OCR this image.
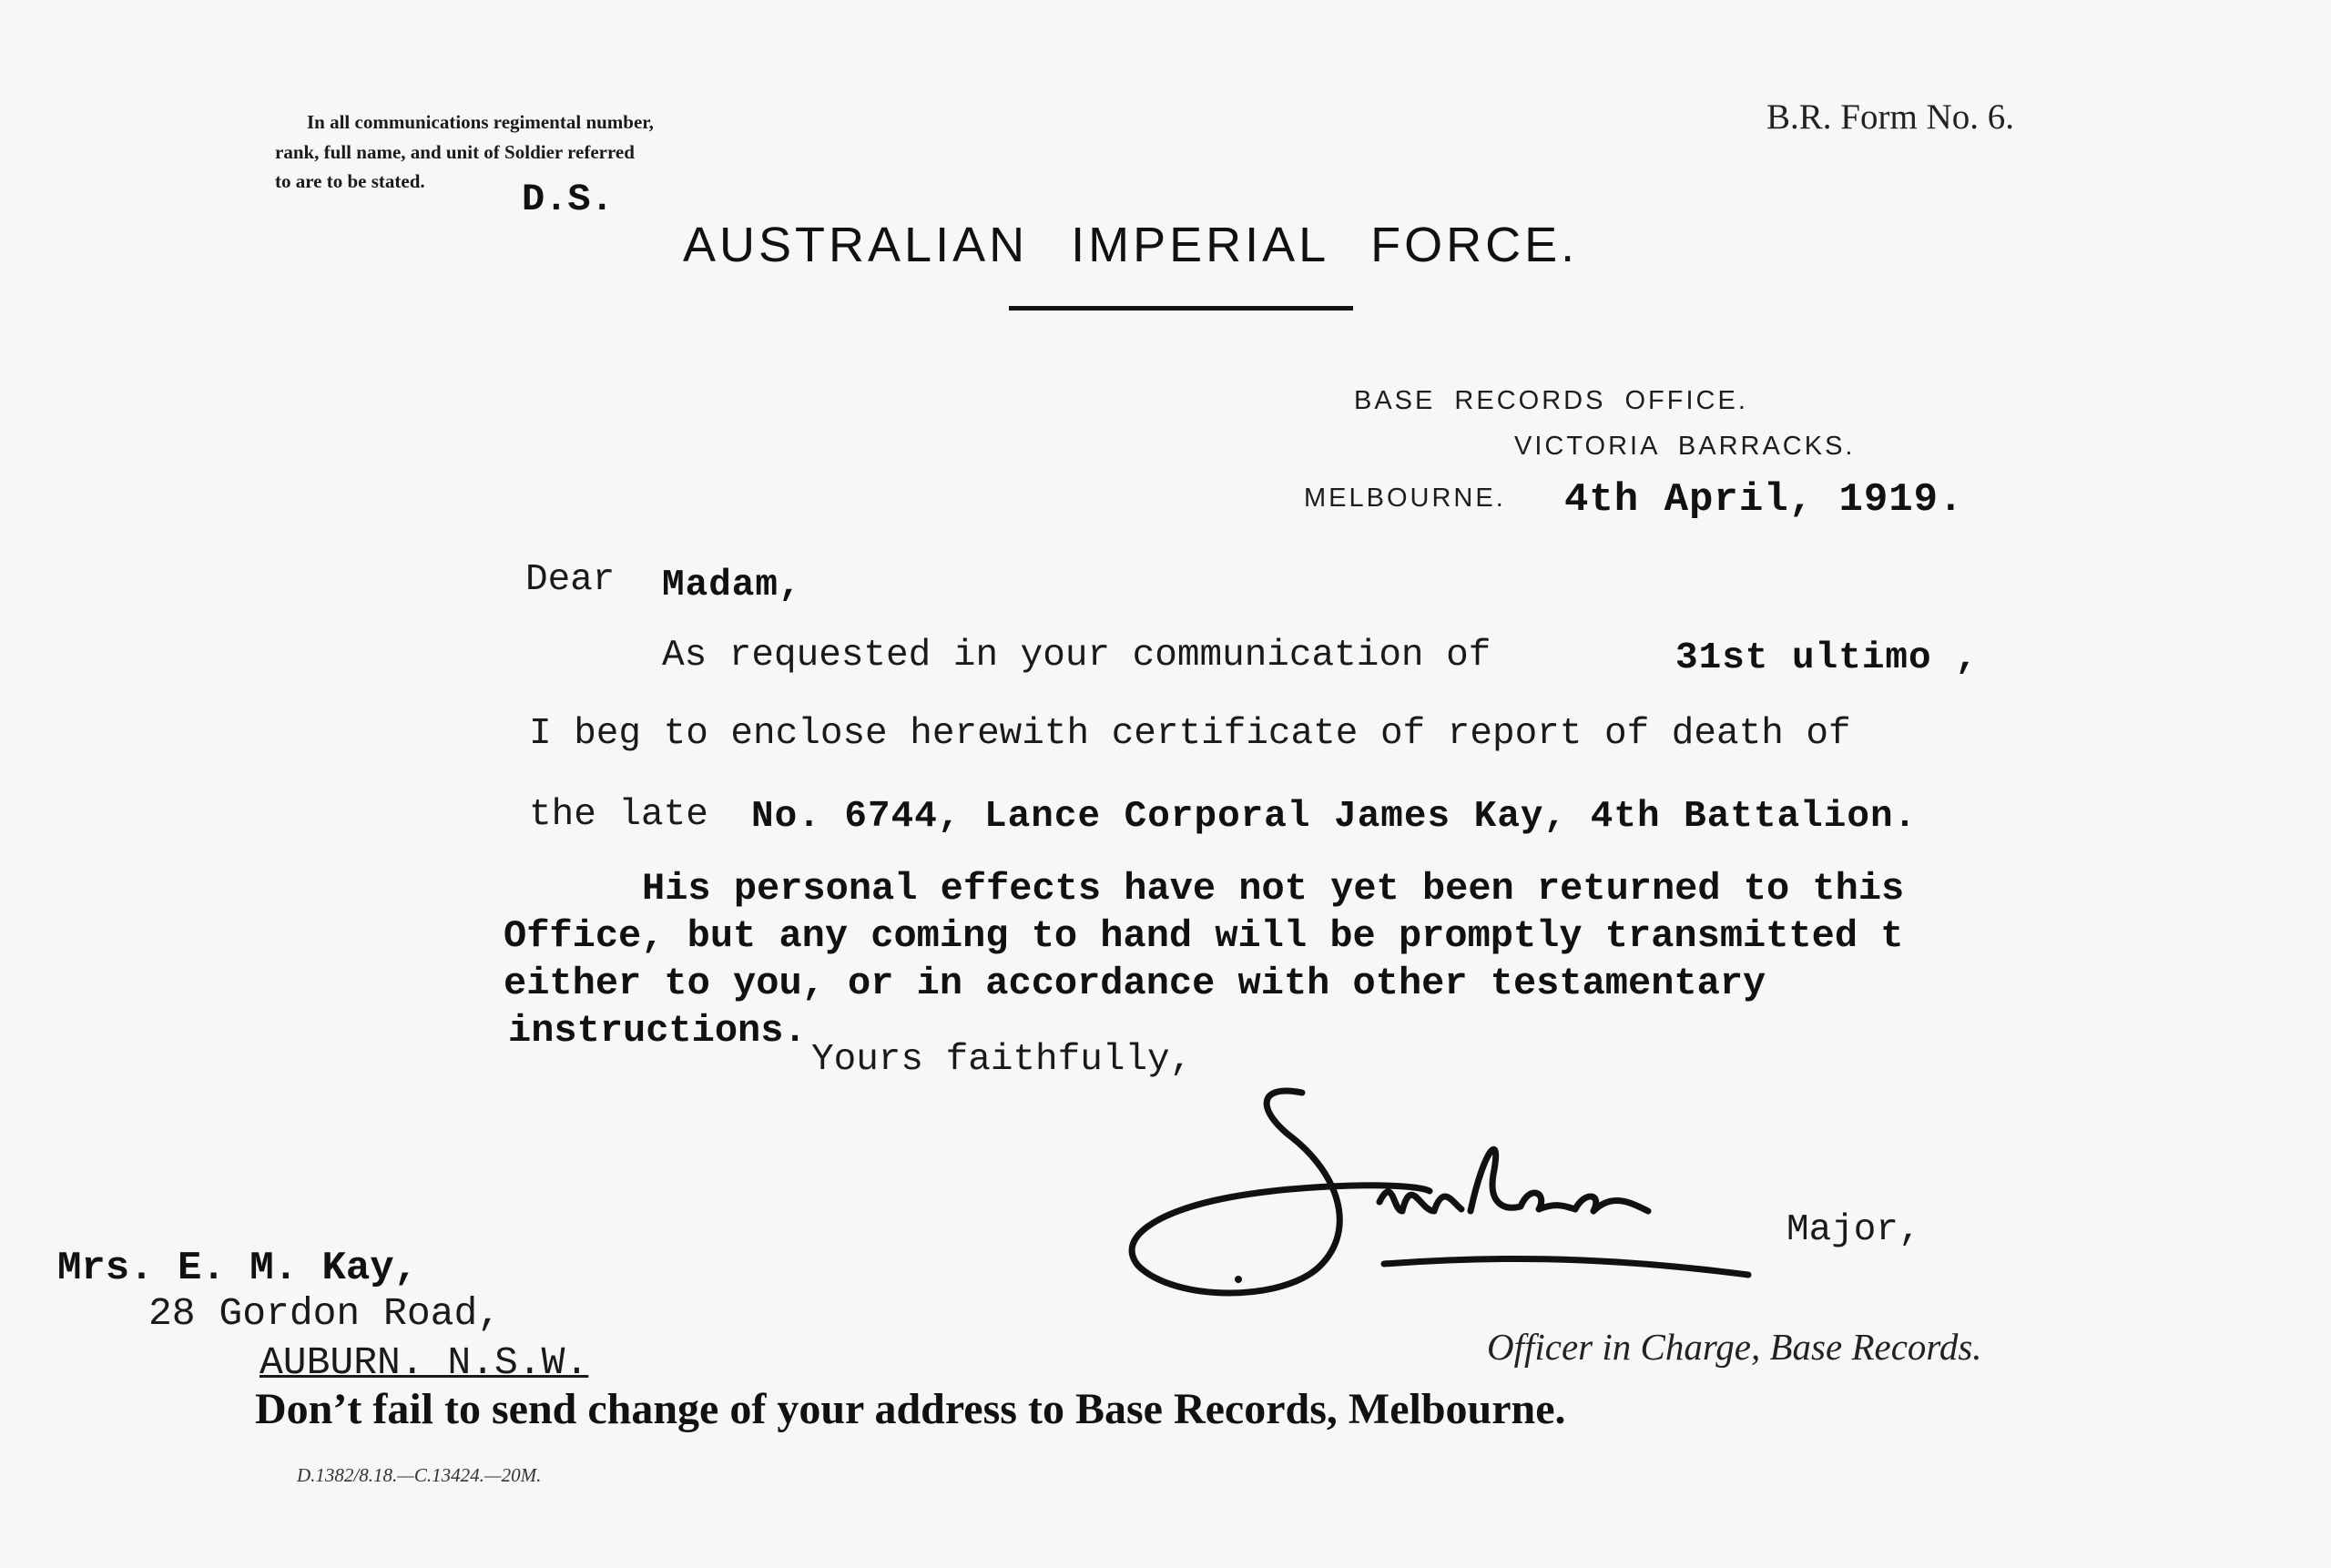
In all communications regimental number,
rank, full name, and unit of Soldier referred
to are to be stated.
B.R. Form No. 6.
D.S.
AUSTRALIAN IMPERIAL FORCE.
BASE RECORDS OFFICE.
VICTORIA BARRACKS.
MELBOURNE. 4th April, 1919.
Dear Madam,
As requested in your communication of	31st ultimo ,
I beg to enclose herewith certificate of report of death of
the late No. 6744, Lance Corporal James Kay, 4th Battalion.
His personal effects have not yet been returned to this
Office, but any coming to hand will be promptly transmitted t
either to you, or in accordance with other testamentary
instructions.
Yours faithfully,
Major,
Officer in Charge, Base Records.
Mrs. E. M. Kay,
28 Gordon Road,
AUBURN. N.S.W.
Don’t fail to send change of your address to Base Records, Melbourne.
D.1382/8.18.—C.13424.—20M.
